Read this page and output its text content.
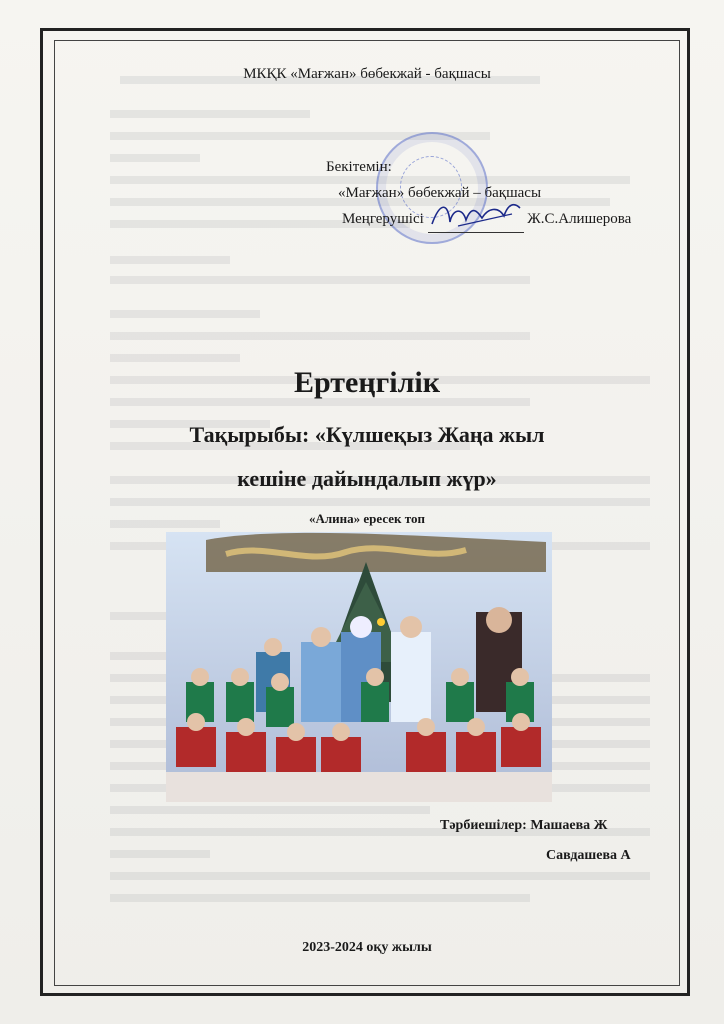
МКҚК «Мағжан» бөбекжай - бақшасы
Бекітемін:
«Мағжан» бөбекжай – бақшасы
Меңгерушісі	Ж.С.Алишерова
Ертеңгілік
Тақырыбы: «Күлшеқыз Жаңа жыл
кешіне дайындалып жүр»
«Алина» ересек топ
Тәрбиешілер: Машаева Ж
Савдашева А
2023-2024 оқу жылы
